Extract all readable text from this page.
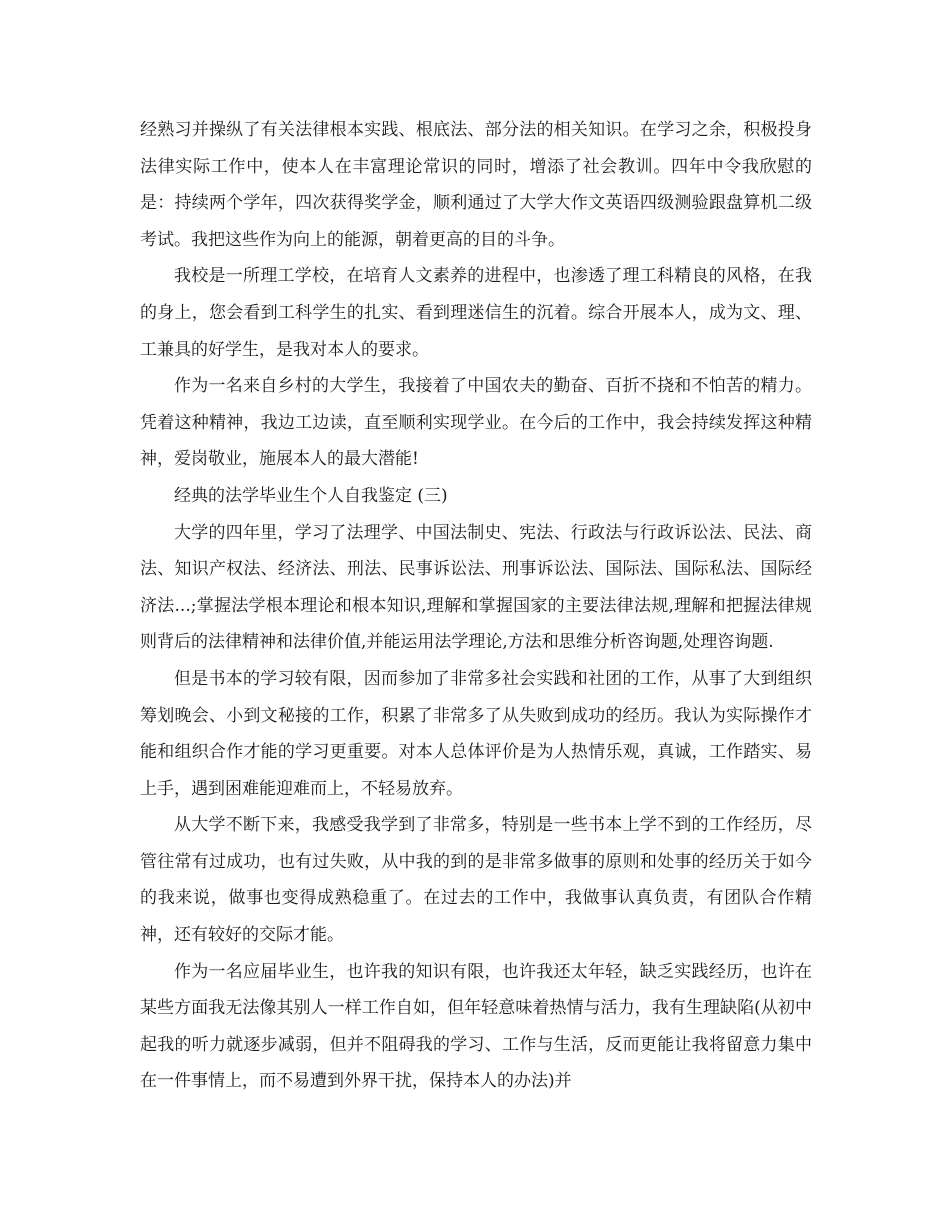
经熟习并操纵了有关法律根本实践、根底法、部分法的相关知识。在学习之余，积极投身法律实际工作中，使本人在丰富理论常识的同时，增添了社会教训。四年中令我欣慰的是：持续两个学年，四次获得奖学金，顺利通过了大学大作文英语四级测验跟盘算机二级考试。我把这些作为向上的能源，朝着更高的目的斗争。

我校是一所理工学校，在培育人文素养的进程中，也渗透了理工科精良的风格，在我的身上，您会看到工科学生的扎实、看到理迷信生的沉着。综合开展本人，成为文、理、工兼具的好学生，是我对本人的要求。

作为一名来自乡村的大学生，我接着了中国农夫的勤奋、百折不挠和不怕苦的精力。凭着这种精神，我边工边读，直至顺利实现学业。在今后的工作中，我会持续发挥这种精神，爱岗敬业，施展本人的最大潜能!

经典的法学毕业生个人自我鉴定 (三)

大学的四年里，学习了法理学、中国法制史、宪法、行政法与行政诉讼法、民法、商法、知识产权法、经济法、刑法、民事诉讼法、刑事诉讼法、国际法、国际私法、国际经济法...;掌握法学根本理论和根本知识,理解和掌握国家的主要法律法规,理解和把握法律规则背后的法律精神和法律价值,并能运用法学理论,方法和思维分析咨询题,处理咨询题.

但是书本的学习较有限，因而参加了非常多社会实践和社团的工作，从事了大到组织筹划晚会、小到文秘接的工作，积累了非常多了从失败到成功的经历。我认为实际操作才能和组织合作才能的学习更重要。对本人总体评价是为人热情乐观，真诚，工作踏实、易上手，遇到困难能迎难而上，不轻易放弃。

从大学不断下来，我感受我学到了非常多，特别是一些书本上学不到的工作经历，尽管往常有过成功，也有过失败，从中我的到的是非常多做事的原则和处事的经历关于如今的我来说，做事也变得成熟稳重了。在过去的工作中，我做事认真负责，有团队合作精神，还有较好的交际才能。

作为一名应届毕业生，也许我的知识有限，也许我还太年轻，缺乏实践经历，也许在某些方面我无法像其别人一样工作自如，但年轻意味着热情与活力，我有生理缺陷(从初中起我的听力就逐步减弱，但并不阻碍我的学习、工作与生活，反而更能让我将留意力集中在一件事情上，而不易遭到外界干扰，保持本人的办法)并
